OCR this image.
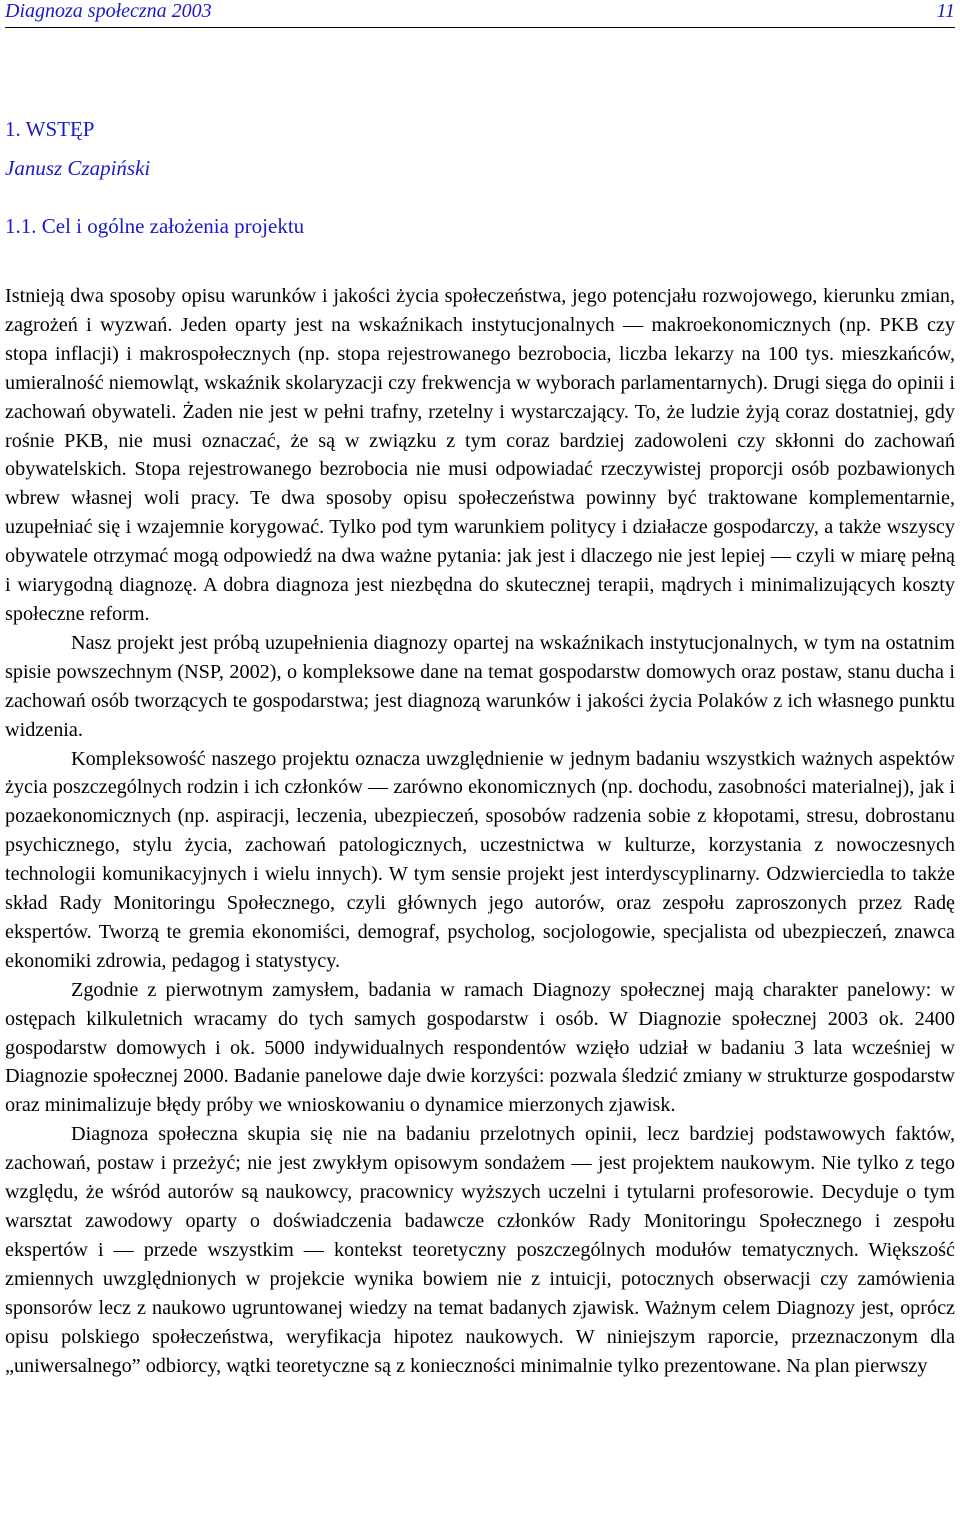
Diagnoza społeczna 2003	11
1. WSTĘP
Janusz Czapiński
1.1. Cel i ogólne założenia projektu

Istnieją dwa sposoby opisu warunków i jakości życia społeczeństwa, jego potencjału rozwojowego, kierunku zmian, zagrożeń i wyzwań. Jeden oparty jest na wskaźnikach instytucjonalnych — makroekonomicznych (np. PKB czy stopa inflacji) i makrospołecznych (np. stopa rejestrowanego bezrobocia, liczba lekarzy na 100 tys. mieszkańców, umieralność niemowląt, wskaźnik skolaryzacji czy frekwencja w wyborach parlamentarnych). Drugi sięga do opinii i zachowań obywateli. Żaden nie jest w pełni trafny, rzetelny i wystarczający. To, że ludzie żyją coraz dostatniej, gdy rośnie PKB, nie musi oznaczać, że są w związku z tym coraz bardziej zadowoleni czy skłonni do zachowań obywatelskich. Stopa rejestrowanego bezrobocia nie musi odpowiadać rzeczywistej proporcji osób pozbawionych wbrew własnej woli pracy. Te dwa sposoby opisu społeczeństwa powinny być traktowane komplementarnie, uzupełniać się i wzajemnie korygować. Tylko pod tym warunkiem politycy i działacze gospodarczy, a także wszyscy obywatele otrzymać mogą odpowiedź na dwa ważne pytania: jak jest i dlaczego nie jest lepiej — czyli w miarę pełną i wiarygodną diagnozę. A dobra diagnoza jest niezbędna do skutecznej terapii, mądrych i minimalizujących koszty społeczne reform.

Nasz projekt jest próbą uzupełnienia diagnozy opartej na wskaźnikach instytucjonalnych, w tym na ostatnim spisie powszechnym (NSP, 2002), o kompleksowe dane na temat gospodarstw domowych oraz postaw, stanu ducha i zachowań osób tworzących te gospodarstwa; jest diagnozą warunków i jakości życia Polaków z ich własnego punktu widzenia.

Kompleksowość naszego projektu oznacza uwzględnienie w jednym badaniu wszystkich ważnych aspektów życia poszczególnych rodzin i ich członków — zarówno ekonomicznych (np. dochodu, zasobności materialnej), jak i pozaekonomicznych (np. aspiracji, leczenia, ubezpieczeń, sposobów radzenia sobie z kłopotami, stresu, dobrostanu psychicznego, stylu życia, zachowań patologicznych, uczestnictwa w kulturze, korzystania z nowoczesnych technologii komunikacyjnych i wielu innych). W tym sensie projekt jest interdyscyplinarny. Odzwierciedla to także skład Rady Monitoringu Społecznego, czyli głównych jego autorów, oraz zespołu zaproszonych przez Radę ekspertów. Tworzą te gremia ekonomiści, demograf, psycholog, socjologowie, specjalista od ubezpieczeń, znawca ekonomiki zdrowia, pedagog i statystycy.

Zgodnie z pierwotnym zamysłem, badania w ramach Diagnozy społecznej mają charakter panelowy: w ostępach kilkuletnich wracamy do tych samych gospodarstw i osób. W Diagnozie społecznej 2003 ok. 2400 gospodarstw domowych i ok. 5000 indywidualnych respondentów wzięło udział w badaniu 3 lata wcześniej w Diagnozie społecznej 2000. Badanie panelowe daje dwie korzyści: pozwala śledzić zmiany w strukturze gospodarstw oraz minimalizuje błędy próby we wnioskowaniu o dynamice mierzonych zjawisk.

Diagnoza społeczna skupia się nie na badaniu przelotnych opinii, lecz bardziej podstawowych faktów, zachowań, postaw i przeżyć; nie jest zwykłym opisowym sondażem — jest projektem naukowym. Nie tylko z tego względu, że wśród autorów są naukowcy, pracownicy wyższych uczelni i tytularni profesorowie. Decyduje o tym warsztat zawodowy oparty o doświadczenia badawcze członków Rady Monitoringu Społecznego i zespołu ekspertów i — przede wszystkim — kontekst teoretyczny poszczególnych modułów tematycznych. Większość zmiennych uwzględnionych w projekcie wynika bowiem nie z intuicji, potocznych obserwacji czy zamówienia sponsorów lecz z naukowo ugruntowanej wiedzy na temat badanych zjawisk. Ważnym celem Diagnozy jest, oprócz opisu polskiego społeczeństwa, weryfikacja hipotez naukowych. W niniejszym raporcie, przeznaczonym dla „uniwersalnego” odbiorcy, wątki teoretyczne są z konieczności minimalnie tylko prezentowane. Na plan pierwszy
